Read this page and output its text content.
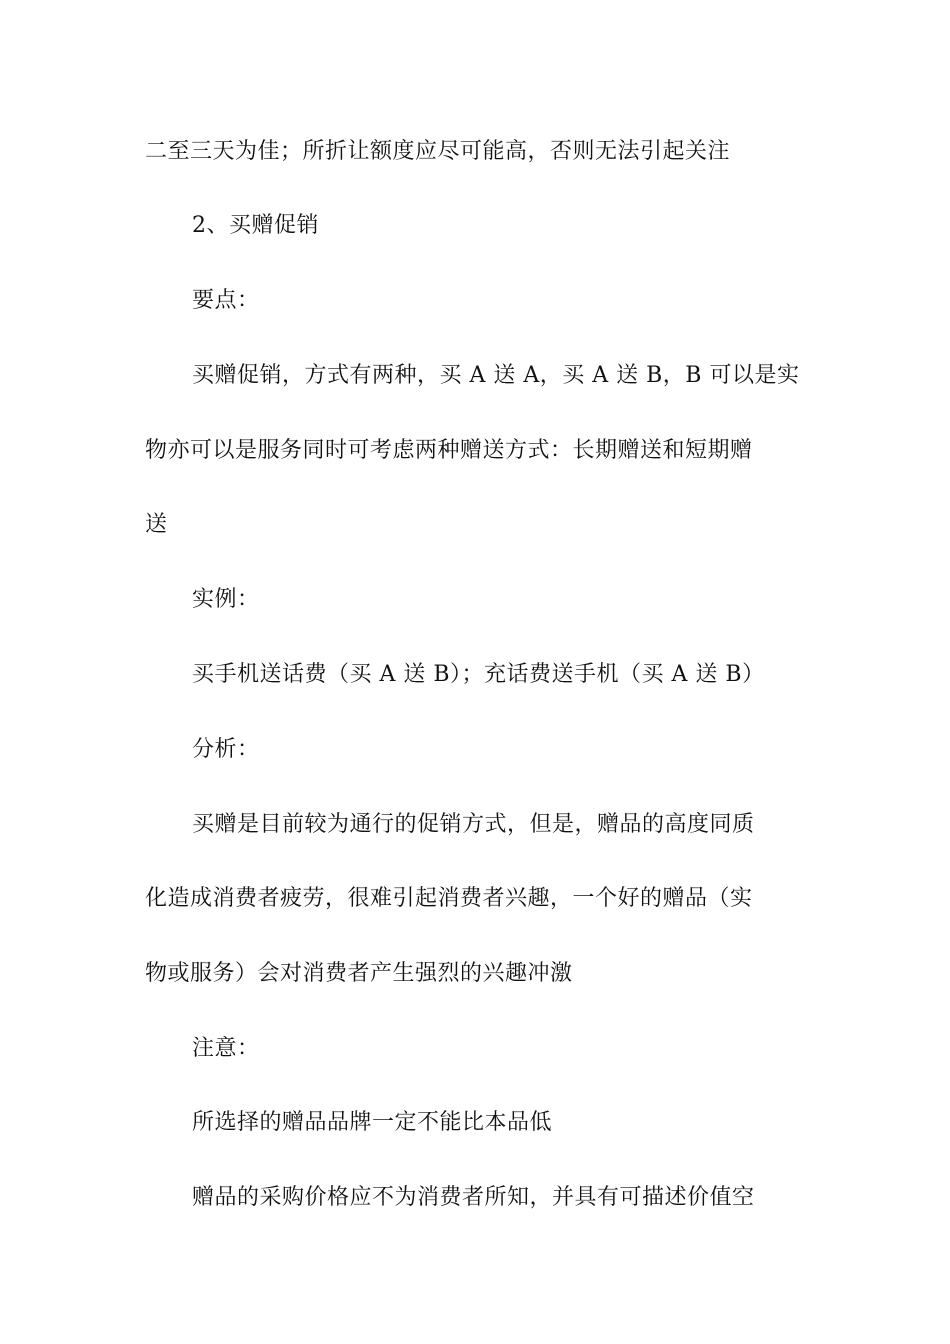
二至三天为佳；所折让额度应尽可能高，否则无法引起关注
2、买赠促销
要点：
买赠促销，方式有两种，买 A 送 A，买 A 送 B，B 可以是实
物亦可以是服务同时可考虑两种赠送方式：长期赠送和短期赠
送
实例：
买手机送话费（买 A 送 B）；充话费送手机（买 A 送 B）
分析：
买赠是目前较为通行的促销方式，但是，赠品的高度同质
化造成消费者疲劳，很难引起消费者兴趣，一个好的赠品（实
物或服务）会对消费者产生强烈的兴趣冲激
注意：
所选择的赠品品牌一定不能比本品低
赠品的采购价格应不为消费者所知，并具有可描述价值空
